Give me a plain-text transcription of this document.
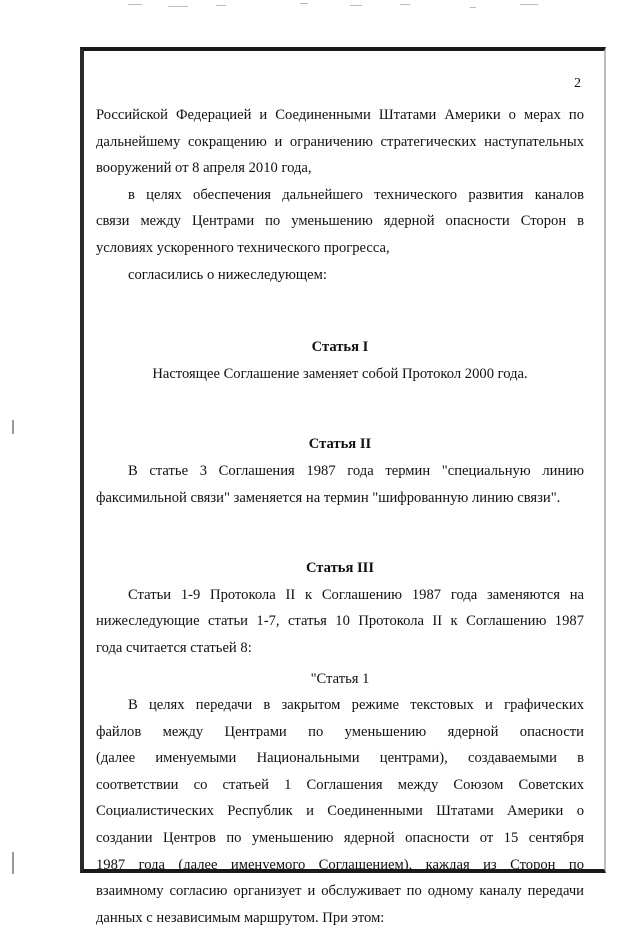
2

Российской Федерацией и Соединенными Штатами Америки о мерах по

дальнейшему сокращению и ограничению стратегических наступательных

вооружений от 8 апреля 2010 года,

в целях обеспечения дальнейшего технического развития каналов

связи между Центрами по уменьшению ядерной опасности Сторон в

условиях ускоренного технического прогресса,

согласились о нижеследующем:

Статья I

Настоящее Соглашение заменяет собой Протокол 2000 года.

Статья II

В статье 3 Соглашения 1987 года термин "специальную линию

факсимильной связи" заменяется на термин "шифрованную линию связи".

Статья III

Статьи 1-9 Протокола II к Соглашению 1987 года заменяются на

нижеследующие статьи 1-7, статья 10 Протокола II к Соглашению 1987

года считается статьей 8:

"Статья 1

В целях передачи в закрытом режиме текстовых и графических

файлов между Центрами по уменьшению ядерной опасности

(далее именуемыми Национальными центрами), создаваемыми в

соответствии со статьей 1 Соглашения между Союзом Советских

Социалистических Республик и Соединенными Штатами Америки о

создании Центров по уменьшению ядерной опасности от 15 сентября

1987 года (далее именуемого Соглашением), каждая из Сторон по

взаимному согласию организует и обслуживает по одному каналу передачи

данных с независимым маршрутом. При этом:
